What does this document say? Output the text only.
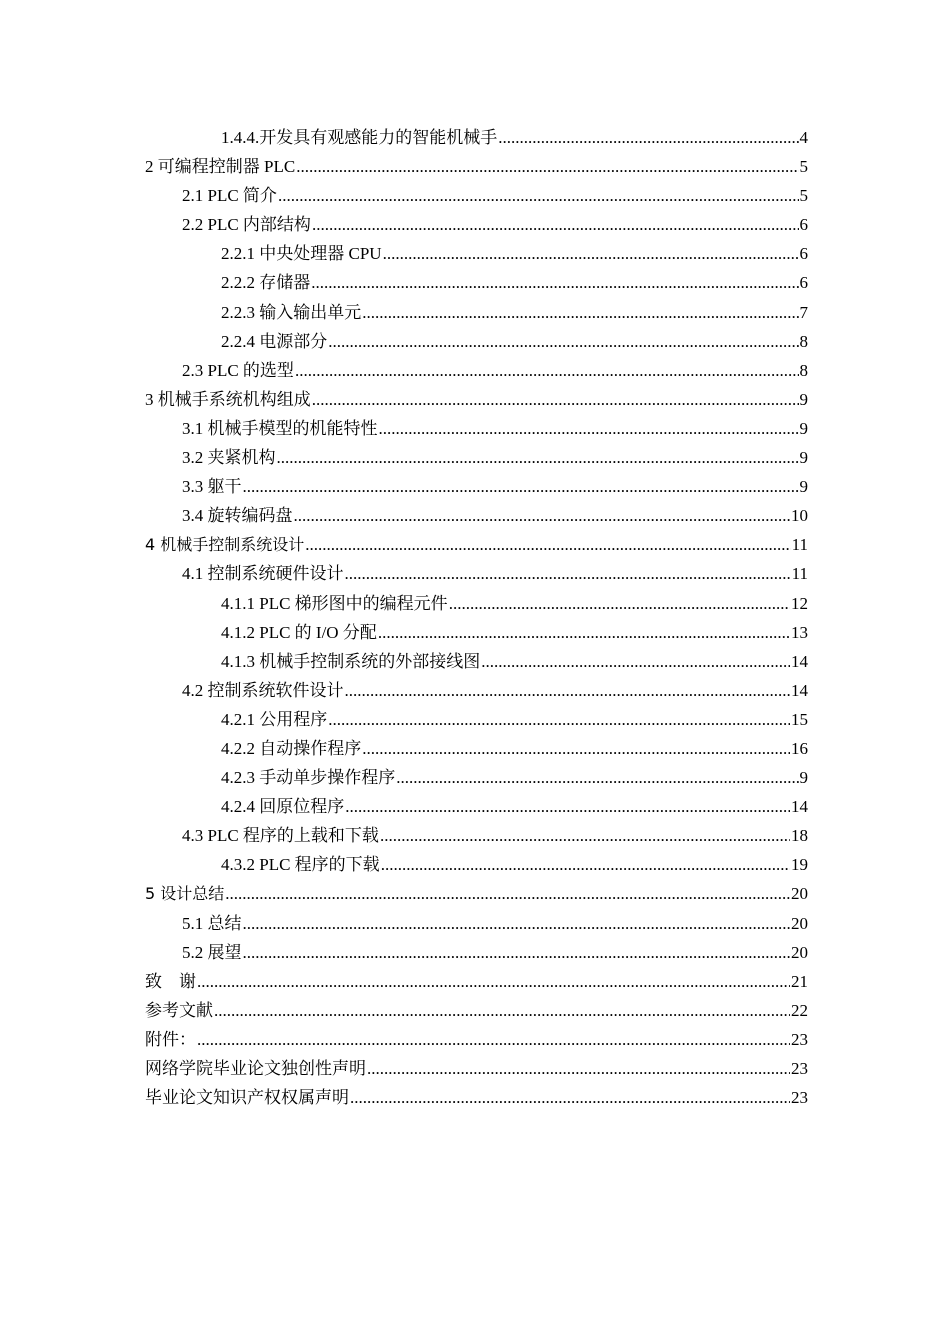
1.4.4.开发具有观感能力的智能机械手 .....	4
2 可编程控制器 PLC .....	5
2.1 PLC 简介 .....	5
2.2 PLC 内部结构 .....	6
2.2.1 中央处理器 CPU .....	6
2.2.2 存储器 .....	6
2.2.3 输入输出单元 .....	7
2.2.4 电源部分 .....	8
2.3 PLC 的选型 .....	8
3 机械手系统机构组成 .....	9
3.1 机械手模型的机能特性 .....	9
3.2 夹紧机构 .....	9
3.3 躯干 .....	9
3.4 旋转编码盘 .....	10
4 机械手控制系统设计 .....	11
4.1 控制系统硬件设计 .....	11
4.1.1 PLC 梯形图中的编程元件 .....	12
4.1.2 PLC 的 I/O 分配 .....	13
4.1.3 机械手控制系统的外部接线图 .....	14
4.2 控制系统软件设计 .....	14
4.2.1 公用程序 .....	15
4.2.2 自动操作程序 .....	16
4.2.3 手动单步操作程序 .....	9
4.2.4 回原位程序 .....	14
4.3 PLC 程序的上载和下载 .....	18
4.3.2 PLC 程序的下载 .....	19
5 设计总结 .....	20
5.1 总结 .....	20
5.2 展望 .....	20
致　谢 .....	21
参考文献 .....	22
附件： .....	23
网络学院毕业论文独创性声明 .....	23
毕业论文知识产权权属声明 .....	23
